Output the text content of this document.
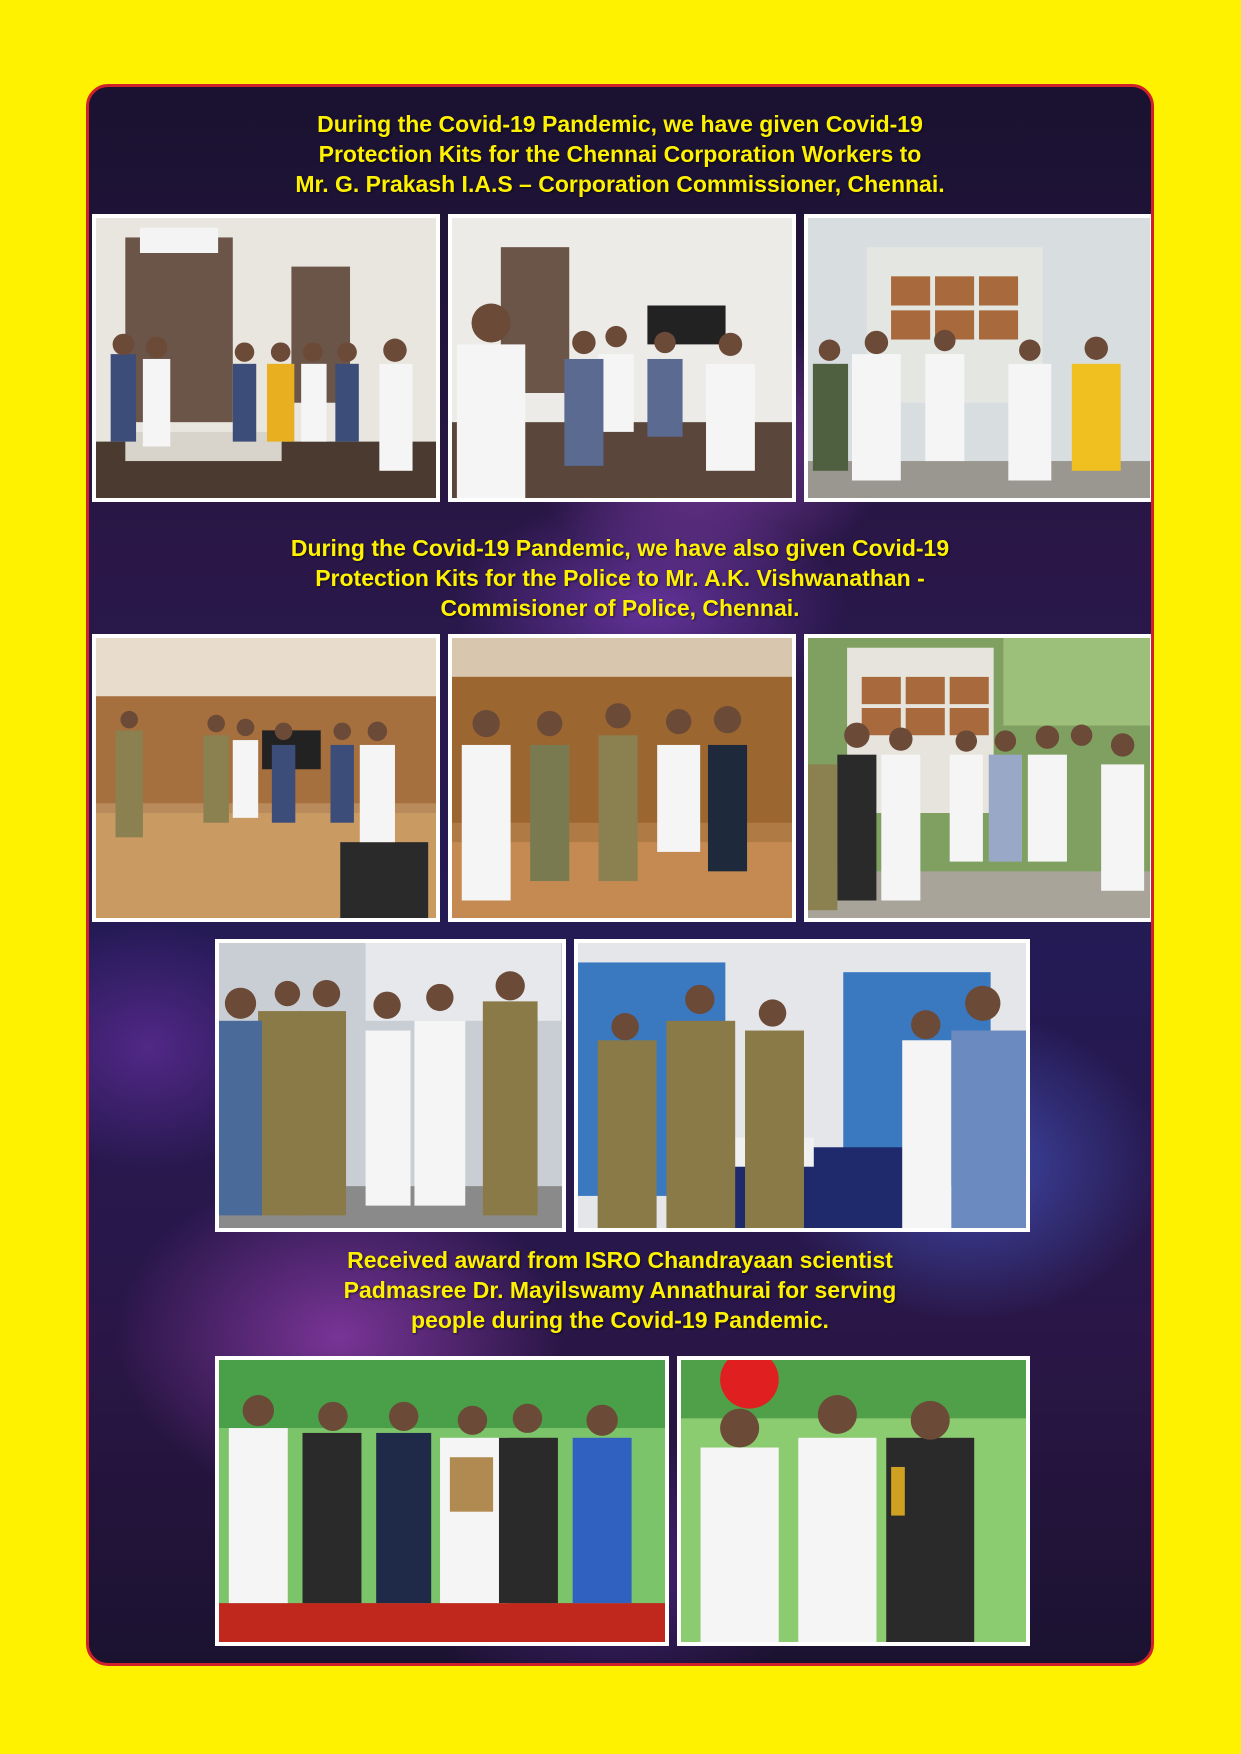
During the Covid-19 Pandemic, we have given Covid-19
Protection Kits for the Chennai Corporation Workers to
Mr. G. Prakash I.A.S – Corporation Commissioner, Chennai.
During the Covid-19 Pandemic, we have also given Covid-19
Protection Kits for the Police to Mr. A.K. Vishwanathan -
Commisioner of Police, Chennai.
Received award from ISRO Chandrayaan scientist
Padmasree Dr. Mayilswamy Annathurai for serving
people during the Covid-19 Pandemic.
